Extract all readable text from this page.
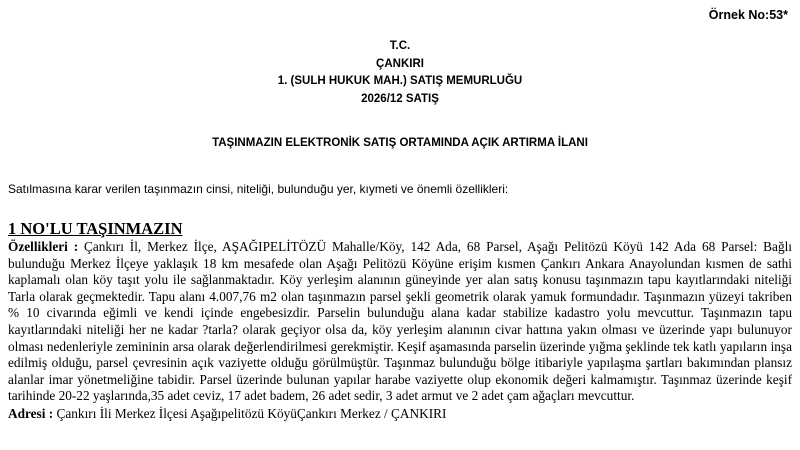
Örnek No:53*
T.C.
ÇANKIRI
1. (SULH HUKUK MAH.) SATIŞ MEMURLUĞU
2026/12 SATIŞ
TAŞINMAZIN ELEKTRONİK SATIŞ ORTAMINDA AÇIK ARTIRMA İLANI
Satılmasına karar verilen taşınmazın cinsi, niteliği, bulunduğu yer, kıymeti ve önemli özellikleri:
1 NO'LU TAŞINMAZIN

Özellikleri : Çankırı İl, Merkez İlçe, AŞAĞIPELİTÖZÜ Mahalle/Köy, 142 Ada, 68 Parsel, Aşağı Pelitözü Köyü 142 Ada 68 Parsel: Bağlı bulunduğu Merkez İlçeye yaklaşık 18 km mesafede olan Aşağı Pelitözü Köyüne erişim kısmen Çankırı Ankara Anayolundan kısmen de sathi kaplamalı olan köy taşıt yolu ile sağlanmaktadır. Köy yerleşim alanının güneyinde yer alan satış konusu taşınmazın tapu kayıtlarındaki niteliği Tarla olarak geçmektedir. Tapu alanı 4.007,76 m2 olan taşınmazın parsel şekli geometrik olarak yamuk formundadır. Taşınmazın yüzeyi takriben % 10 civarında eğimli ve kendi içinde engebesizdir. Parselin bulunduğu alana kadar stabilize kadastro yolu mevcuttur. Taşınmazın tapu kayıtlarındaki niteliği her ne kadar ?tarla? olarak geçiyor olsa da, köy yerleşim alanının civar hattına yakın olması ve üzerinde yapı bulunuyor olması nedenleriyle zemininin arsa olarak değerlendirilmesi gerekmiştir. Keşif aşamasında parselin üzerinde yığma şeklinde tek katlı yapıların inşa edilmiş olduğu, parsel çevresinin açık vaziyette olduğu görülmüştür. Taşınmaz bulunduğu bölge itibariyle yapılaşma şartları bakımından plansız alanlar imar yönetmeliğine tabidir. Parsel üzerinde bulunan yapılar harabe vaziyette olup ekonomik değeri kalmamıştır. Taşınmaz üzerinde keşif tarihinde 20-22 yaşlarında,35 adet ceviz, 17 adet badem, 26 adet sedir, 3 adet armut ve 2 adet çam ağaçları mevcuttur.

Adresi : Çankırı İli Merkez İlçesi Aşağıpelitözü KöyüÇankırı Merkez / ÇANKIRI
